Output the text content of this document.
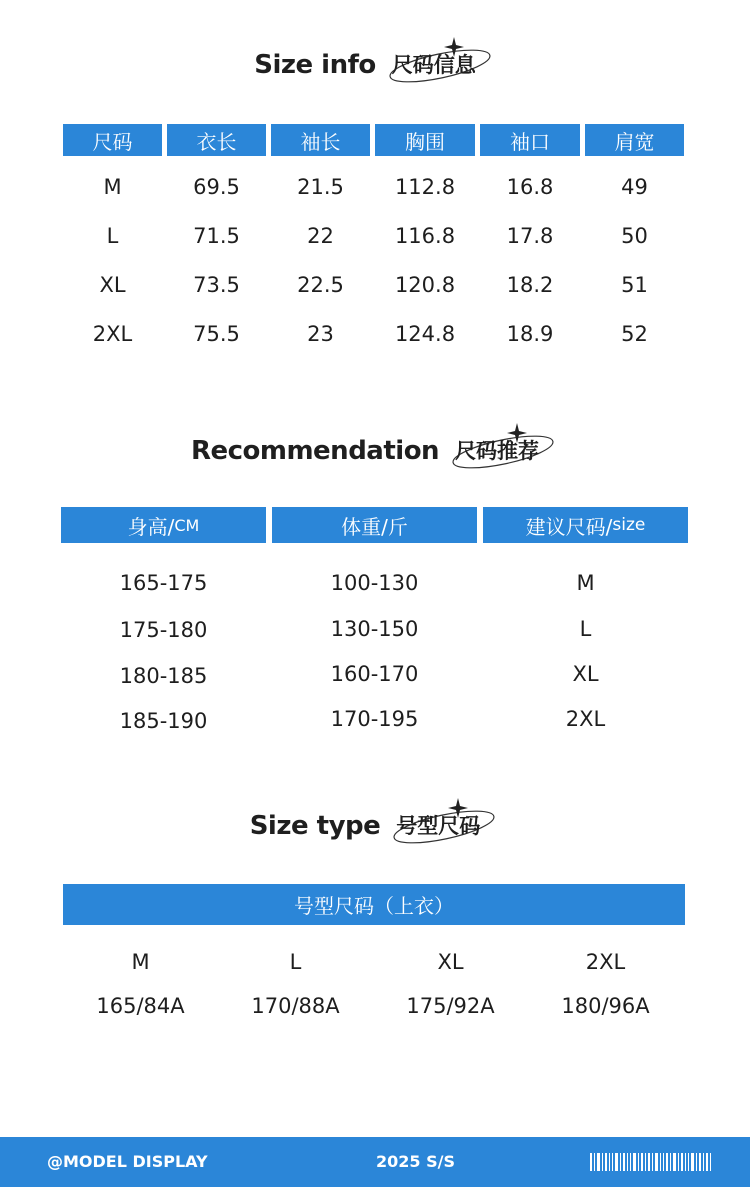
Size info 尺码信息
尺码	衣长	袖长	胸围	袖口	肩宽
M	69.5	21.5	112.8	16.8	49
L	71.5	22	116.8	17.8	50
XL	73.5	22.5	120.8	18.2	51
2XL	75.5	23	124.8	18.9	52
Recommendation 尺码推荐
身高/ CM	体重/斤	建议尺码/ size
165-175	100-130	M
175-180	130-150	L
180-185	160-170	XL
185-190	170-195	2XL
Size type 号型尺码
号型尺码（上衣）
M	L	XL	2XL
165/84A	170/88A	175/92A	180/96A
@MODEL DISPLAY	2025 S/S
